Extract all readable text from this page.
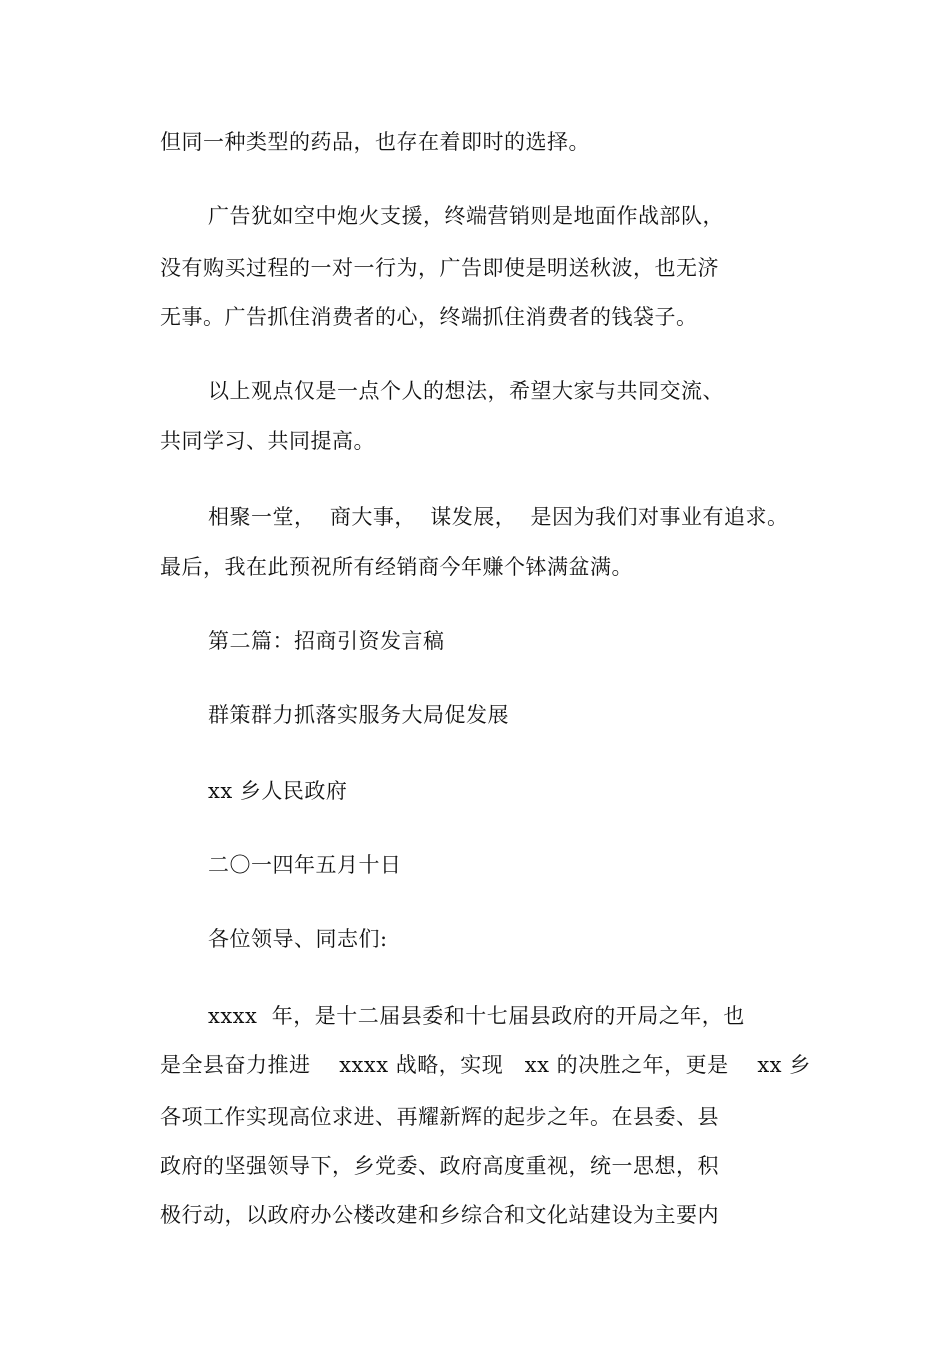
但同一种类型的药品，也存在着即时的选择。
广告犹如空中炮火支援，终端营销则是地面作战部队，
没有购买过程的一对一行为，广告即使是明送秋波，也无济
无事。广告抓住消费者的心，终端抓住消费者的钱袋子。
以上观点仅是一点个人的想法，希望大家与共同交流、
共同学习、共同提高。
相聚一堂，  商大事，  谋发展，  是因为我们对事业有追求。
最后，我在此预祝所有经销商今年赚个钵满盆满。
第二篇：招商引资发言稿
群策群力抓落实服务大局促发展
xx 乡人民政府
二〇一四年五月十日
各位领导、同志们:
xxxx  年，是十二届县委和十七届县政府的开局之年，也
是全县奋力推进    xxxx 战略，实现   xx 的决胜之年，更是    xx 乡
各项工作实现高位求进、再耀新辉的起步之年。在县委、县
政府的坚强领导下，乡党委、政府高度重视，统一思想，积
极行动，以政府办公楼改建和乡综合和文化站建设为主要内
